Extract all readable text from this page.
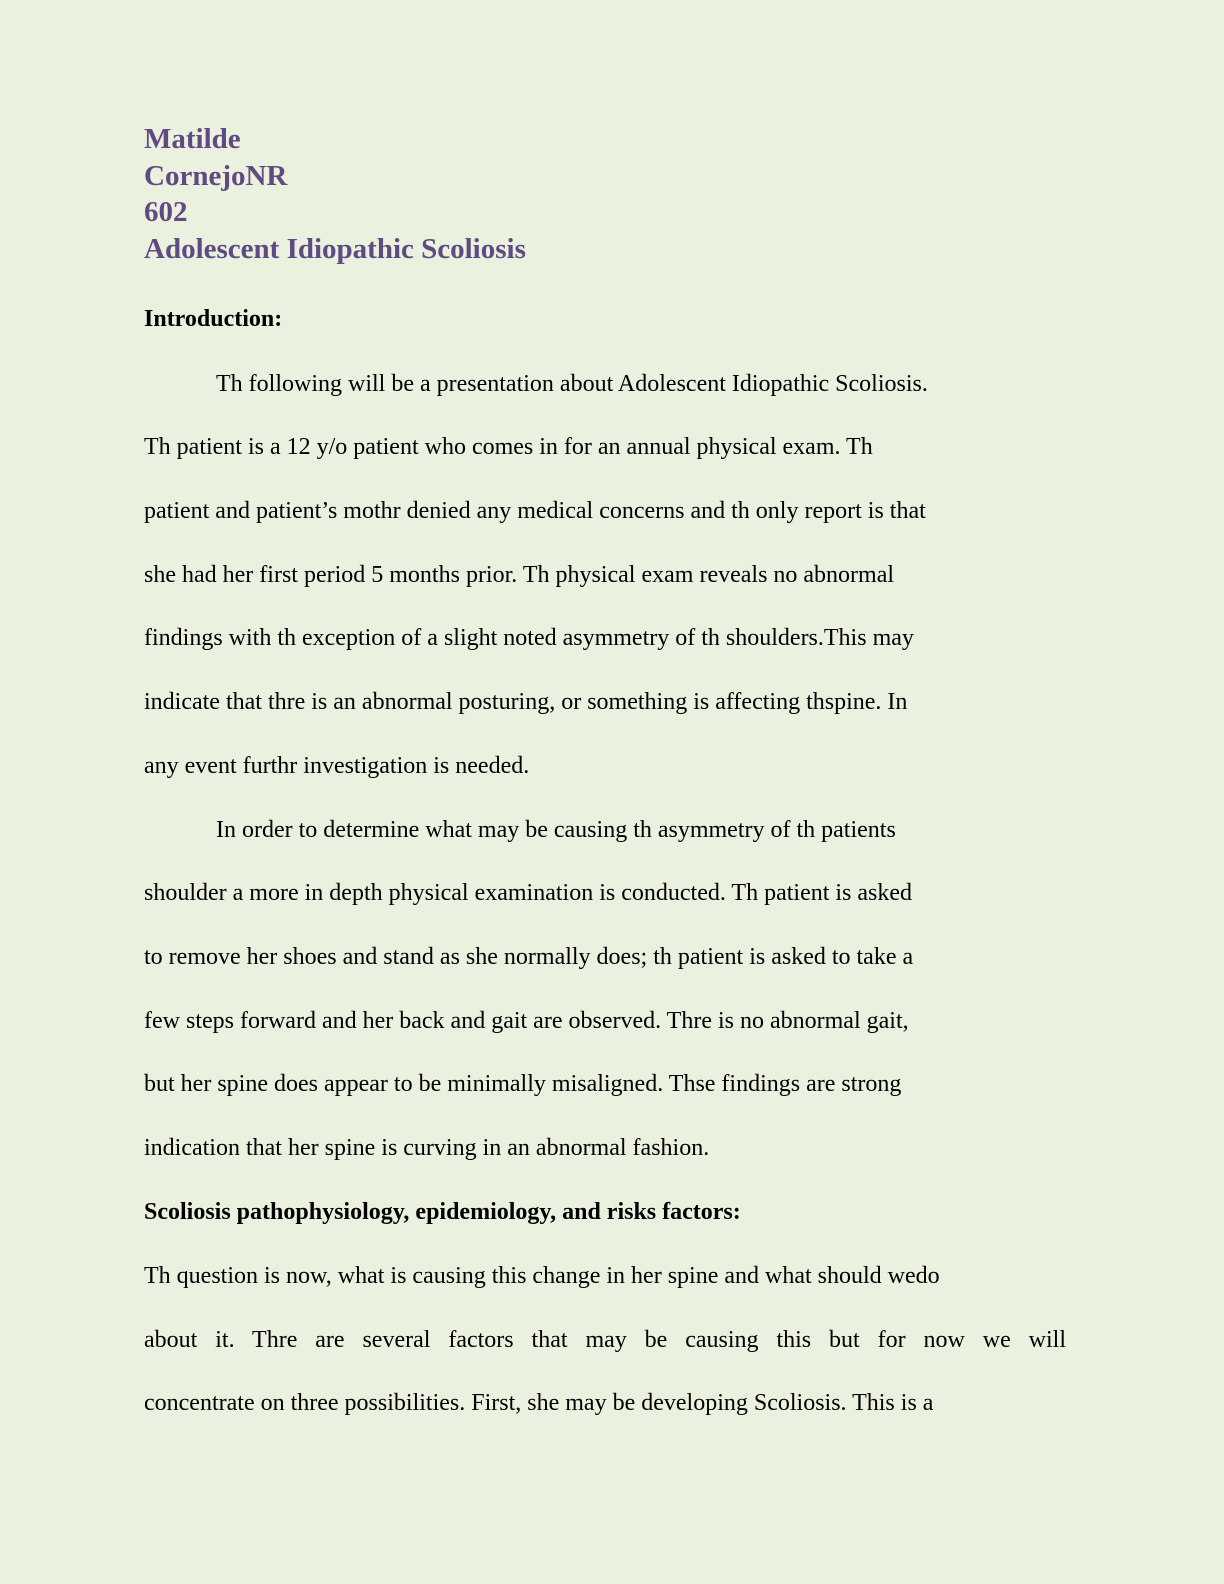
Matilde
CornejoNR
602
Adolescent Idiopathic Scoliosis
Introduction:
Th following will be a presentation about Adolescent Idiopathic Scoliosis.
Th patient is a 12 y/o patient who comes in for an annual physical exam. Th
patient and patient’s mothr denied any medical concerns and th only report is that
she had her first period 5 months prior. Th physical exam reveals no abnormal
findings with th exception of a slight noted asymmetry of th shoulders.This may
indicate that thre is an abnormal posturing, or something is affecting thspine. In
any event furthr investigation is needed.
In order to determine what may be causing th asymmetry of th patients
shoulder a more in depth physical examination is conducted. Th patient is asked
to remove her shoes and stand as she normally does; th patient is asked to take a
few steps forward and her back and gait are observed. Thre is no abnormal gait,
but her spine does appear to be minimally misaligned. Thse findings are strong
indication that her spine is curving in an abnormal fashion.
Scoliosis pathophysiology, epidemiology, and risks factors:
Th question is now, what is causing this change in her spine and what should wedo
about it. Thre are several factors that may be causing this but for now we will
concentrate on three possibilities. First, she may be developing Scoliosis. This is a
